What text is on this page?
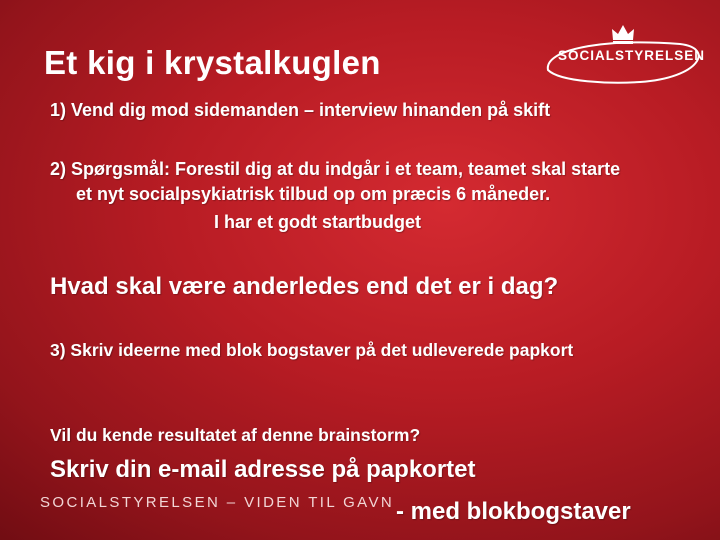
Et kig i krystalkuglen	SOCIALSTYRELSEN
1) Vend dig mod sidemanden – interview hinanden på skift
2) Spørgsmål: Forestil dig at du indgår i et team, teamet skal starte
et nyt socialpsykiatrisk tilbud op om præcis 6 måneder.
I har et godt startbudget
Hvad skal være anderledes end det er i dag?
3) Skriv ideerne med blok bogstaver på det udleverede papkort
Vil du kende resultatet af denne brainstorm?
Skriv din e-mail adresse på papkortet
SOCIALSTYRELSEN – VIDEN TIL GAVN - med blokbogstaver
